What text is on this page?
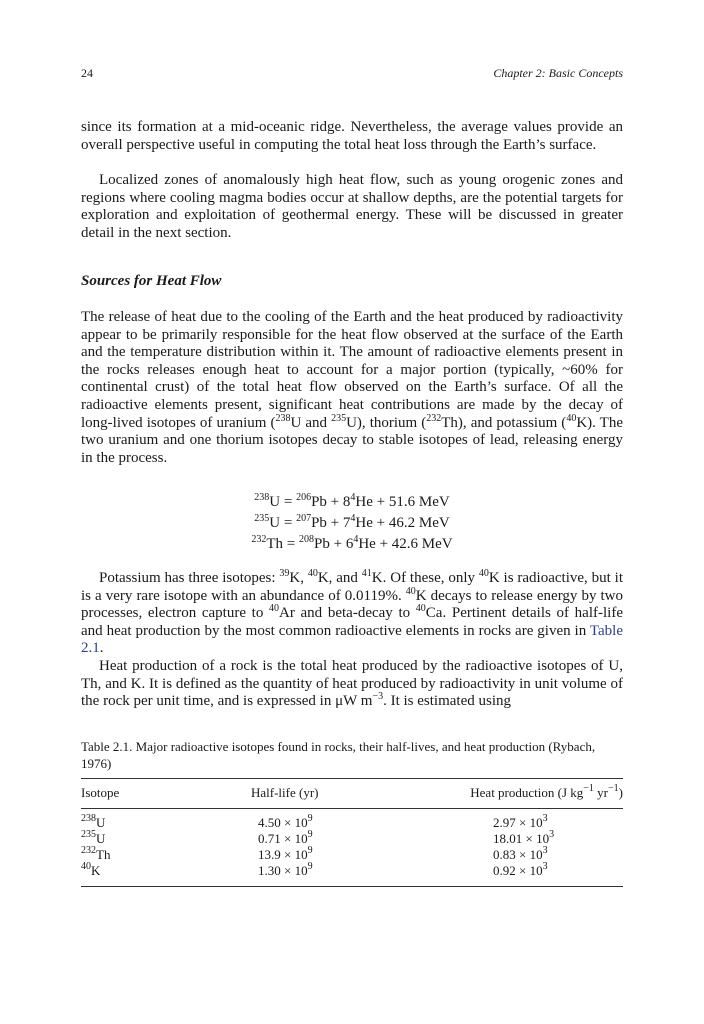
24	Chapter 2: Basic Concepts

since its formation at a mid-oceanic ridge. Nevertheless, the average values provide an overall perspective useful in computing the total heat loss through the Earth’s surface.

Localized zones of anomalously high heat flow, such as young orogenic zones and regions where cooling magma bodies occur at shallow depths, are the potential targets for exploration and exploitation of geothermal energy. These will be discussed in greater detail in the next section.

Sources for Heat Flow

The release of heat due to the cooling of the Earth and the heat produced by radioactivity appear to be primarily responsible for the heat flow observed at the surface of the Earth and the temperature distribution within it. The amount of radioactive elements present in the rocks releases enough heat to account for a major portion (typically, ~60% for continental crust) of the total heat flow observed on the Earth’s surface. Of all the radioactive elements present, significant heat contributions are made by the decay of long-lived isotopes of uranium ($^{238}$U and $^{235}$U), thorium ($^{232}$Th), and potassium ($^{40}$K). The two uranium and one thorium isotopes decay to stable isotopes of lead, releasing energy in the process.

$^{238}U = ^{206}Pb + 8^4He + 51.6$ MeV
$^{235}U = ^{207}Pb + 7^4He + 46.2$ MeV
$^{232}Th = ^{208}Pb + 6^4He + 42.6$ MeV

Potassium has three isotopes: $^{39}$K, $^{40}$K, and $^{41}$K. Of these, only $^{40}$K is radioactive, but it is a very rare isotope with an abundance of 0.0119%. $^{40}$K decays to release energy by two processes, electron capture to $^{40}$Ar and beta-decay to $^{40}$Ca. Pertinent details of half-life and heat production by the most common radioactive elements in rocks are given in Table 2.1.

Heat production of a rock is the total heat produced by the radioactive isotopes of U, Th, and K. It is defined as the quantity of heat produced by radioactivity in unit volume of the rock per unit time, and is expressed in μW $m^{-3}$. It is estimated using

Table 2.1. Major radioactive isotopes found in rocks, their half-lives, and heat production (Rybach, 1976)

Isotope	Half-life (yr)	Heat production (J $kg^{-1}$ $yr^{-1}$)
$^{238}$U	$4.50 \times 10^9$	$2.97 \times 10^3$
$^{235}$U	$0.71 \times 10^9$	$18.01 \times 10^3$
$^{232}$Th	$13.9 \times 10^9$	$0.83 \times 10^3$
$^{40}$K	$1.30 \times 10^9$	$0.92 \times 10^3$
